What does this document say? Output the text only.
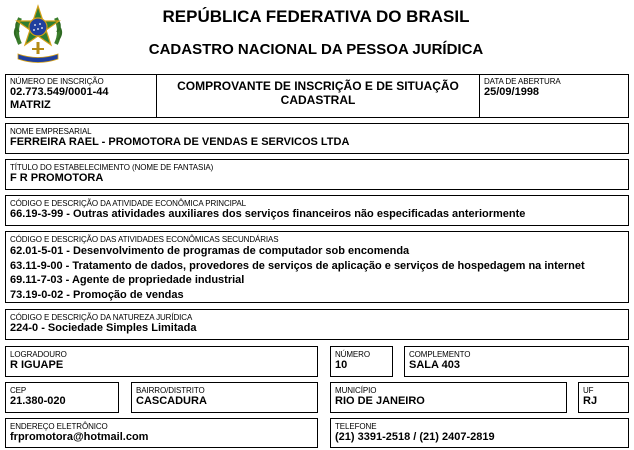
REPÚBLICA FEDERATIVA DO BRASIL
CADASTRO NACIONAL DA PESSOA JURÍDICA
NÚMERO DE INSCRIÇÃO
02.773.549/0001-44
MATRIZ
COMPROVANTE DE INSCRIÇÃO E DE SITUAÇÃO CADASTRAL
DATA DE ABERTURA
25/09/1998
NOME EMPRESARIAL
FERREIRA RAEL - PROMOTORA DE VENDAS E SERVICOS LTDA
TÍTULO DO ESTABELECIMENTO (NOME DE FANTASIA)
F R PROMOTORA
CÓDIGO E DESCRIÇÃO DA ATIVIDADE ECONÔMICA PRINCIPAL
66.19-3-99 - Outras atividades auxiliares dos serviços financeiros não especificadas anteriormente
CÓDIGO E DESCRIÇÃO DAS ATIVIDADES ECONÔMICAS SECUNDÁRIAS
62.01-5-01 - Desenvolvimento de programas de computador sob encomenda
63.11-9-00 - Tratamento de dados, provedores de serviços de aplicação e serviços de hospedagem na internet
69.11-7-03 - Agente de propriedade industrial
73.19-0-02 - Promoção de vendas
CÓDIGO E DESCRIÇÃO DA NATUREZA JURÍDICA
224-0 - Sociedade Simples Limitada
LOGRADOURO
R IGUAPE
NÚMERO
10
COMPLEMENTO
SALA 403
CEP
21.380-020
BAIRRO/DISTRITO
CASCADURA
MUNICÍPIO
RIO DE JANEIRO
UF
RJ
ENDEREÇO ELETRÔNICO
frpromotora@hotmail.com
TELEFONE
(21) 3391-2518 / (21) 2407-2819
